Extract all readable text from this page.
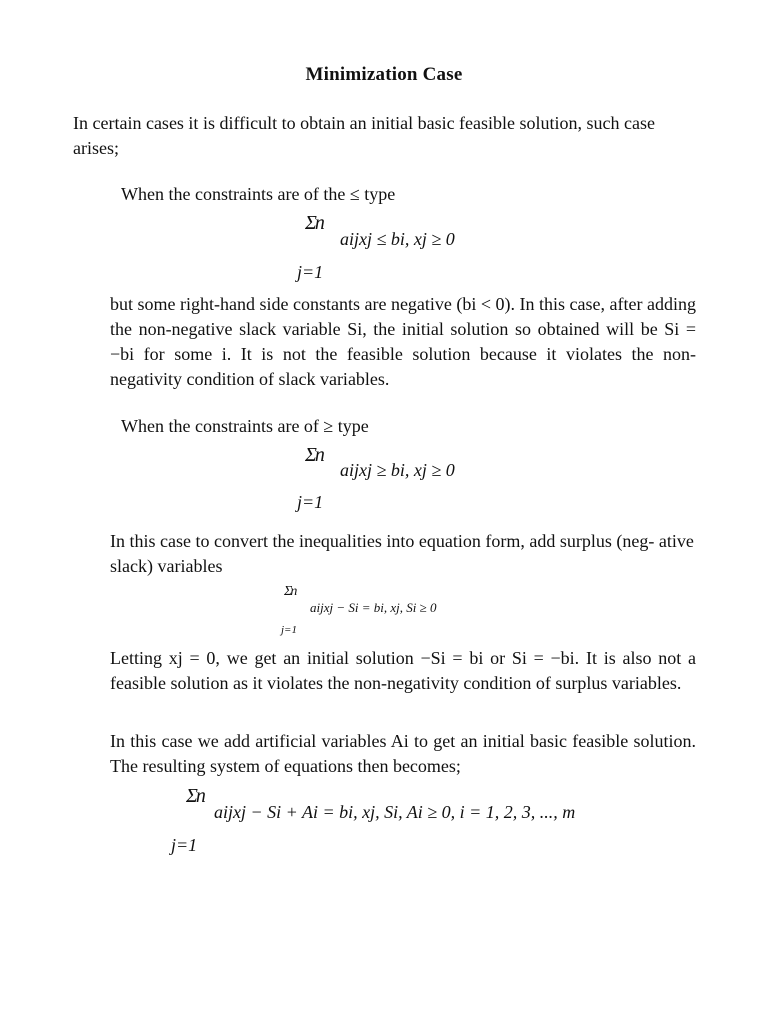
Minimization Case
In certain cases it is difficult to obtain an initial basic feasible solution, such case arises;
When the constraints are of the ≤ type
Σn
aijxj ≤ bi, xj ≥ 0
j=1
but some right-hand side constants are negative (bi < 0). In this case, after adding the non-negative slack variable Si, the initial solution so obtained will be Si = −bi for some i. It is not the feasible solution because it violates the non-negativity condition of slack variables.
When the constraints are of ≥ type
Σn
aijxj ≥ bi, xj ≥ 0
j=1
In this case to convert the inequalities into equation form, add surplus (neg- ative slack) variables
Σn
aijxj − Si = bi, xj, Si ≥ 0
j=1
Letting xj = 0, we get an initial solution −Si = bi or Si = −bi. It is also not a feasible solution as it violates the non-negativity condition of surplus variables.
In this case we add artificial variables Ai to get an initial basic feasible solution. The resulting system of equations then becomes;
Σn
aijxj − Si + Ai = bi, xj, Si, Ai ≥ 0, i = 1, 2, 3, ..., m
j=1
